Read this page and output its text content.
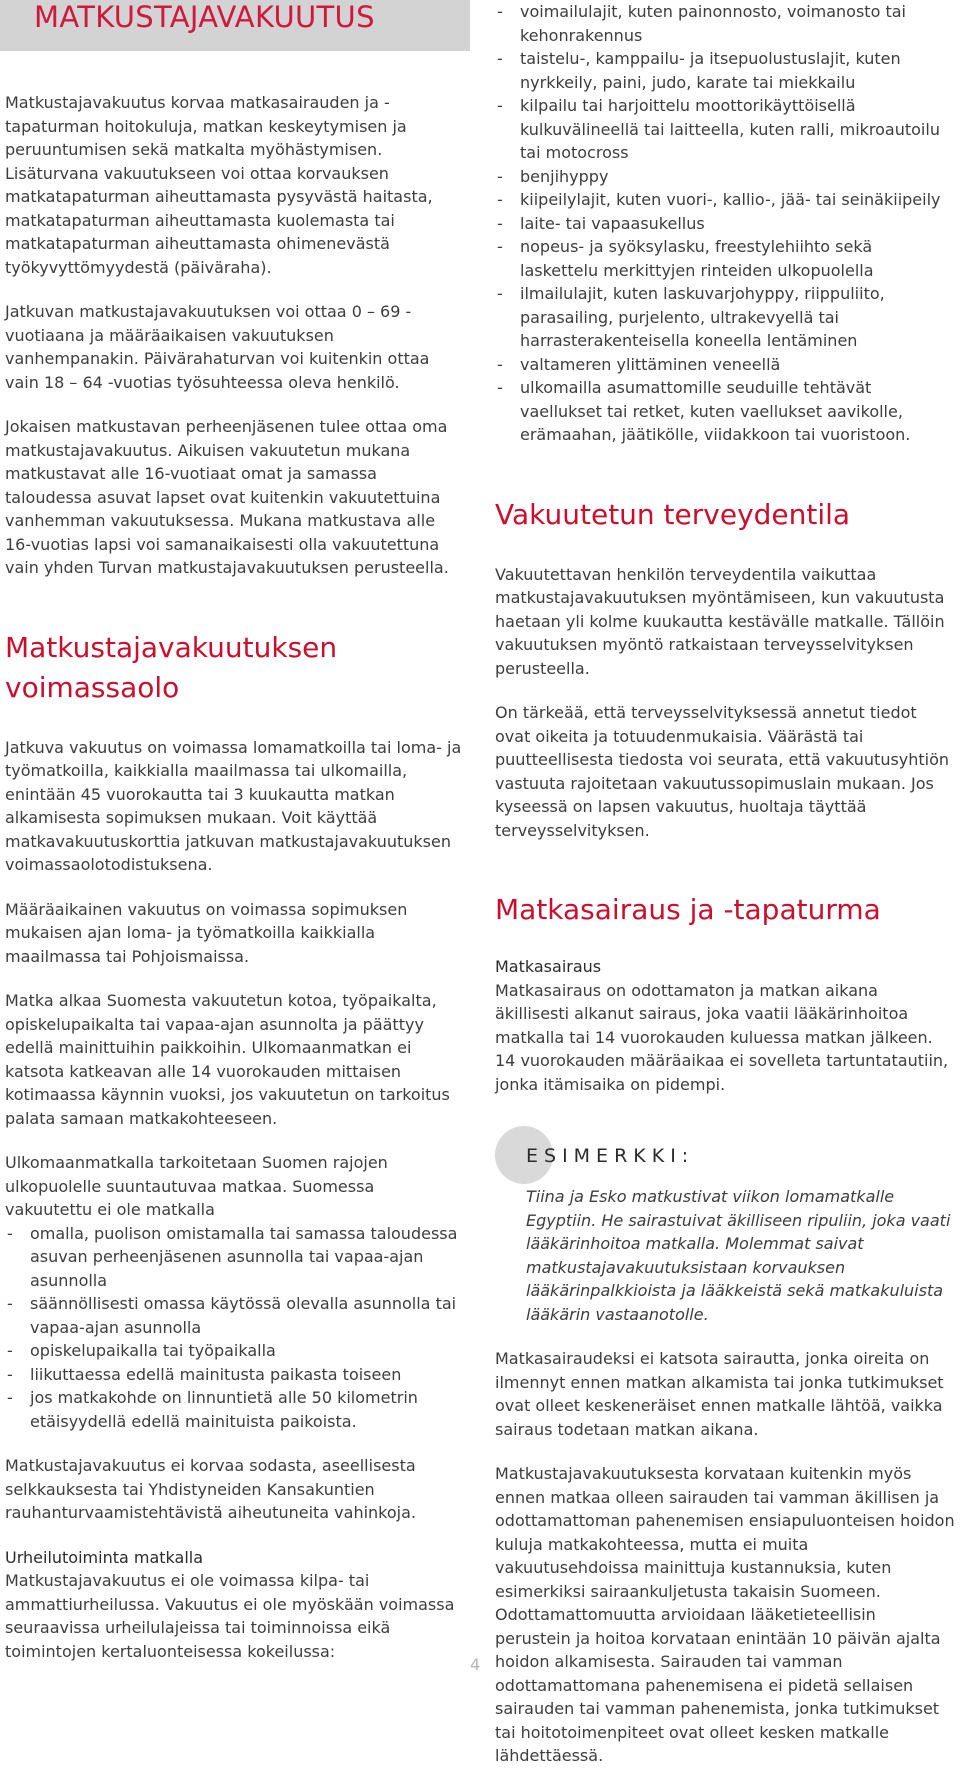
MATKUSTAJAVAKUUTUS

Matkustajavakuutus korvaa matkasairauden ja -tapaturman hoitokuluja, matkan keskeytymisen ja peruuntumisen sekä matkalta myöhästymisen. Lisäturvana vakuutukseen voi ottaa korvauksen matkatapaturman aiheuttamasta pysyvästä haitasta, matkatapaturman aiheuttamasta kuolemasta tai matkatapaturman aiheuttamasta ohimenevästä työkyvyttömyydestä (päiväraha).

Jatkuvan matkustajavakuutuksen voi ottaa 0 – 69 -vuotiaana ja määräaikaisen vakuutuksen vanhempanakin. Päivärahaturvan voi kuitenkin ottaa vain 18 – 64 -vuotias työsuhteessa oleva henkilö.

Jokaisen matkustavan perheenjäsenen tulee ottaa oma matkustajavakuutus. Aikuisen vakuutetun mukana matkustavat alle 16-vuotiaat omat ja samassa taloudessa asuvat lapset ovat kuitenkin vakuutettuina vanhemman vakuutuksessa. Mukana matkustava alle 16-vuotias lapsi voi samanaikaisesti olla vakuutettuna vain yhden Turvan matkustajavakuutuksen perusteella.

Matkustajavakuutuksen
voimassaolo

Jatkuva vakuutus on voimassa lomamatkoilla tai loma- ja työmatkoilla, kaikkialla maailmassa tai ulkomailla, enintään 45 vuorokautta tai 3 kuukautta matkan alkamisesta sopimuksen mukaan. Voit käyttää matkavakuutuskorttia jatkuvan matkustajavakuutuksen voimassaolotodistuksena.

Määräaikainen vakuutus on voimassa sopimuksen mukaisen ajan loma- ja työmatkoilla kaikkialla maailmassa tai Pohjoismaissa.

Matka alkaa Suomesta vakuutetun kotoa, työpaikalta, opiskelupaikalta tai vapaa-ajan asunnolta ja päättyy edellä mainittuihin paikkoihin. Ulkomaanmatkan ei katsota katkeavan alle 14 vuorokauden mittaisen kotimaassa käynnin vuoksi, jos vakuutetun on tarkoitus palata samaan matkakohteeseen.

Ulkomaanmatkalla tarkoitetaan Suomen rajojen ulkopuolelle suuntautuvaa matkaa. Suomessa vakuutettu ei ole matkalla

- omalla, puolison omistamalla tai samassa taloudessa asuvan perheenjäsenen asunnolla tai vapaa-ajan asunnolla
- säännöllisesti omassa käytössä olevalla asunnolla tai vapaa-ajan asunnolla
- opiskelupaikalla tai työpaikalla
- liikuttaessa edellä mainitusta paikasta toiseen
- jos matkakohde on linnuntietä alle 50 kilometrin etäisyydellä edellä mainituista paikoista.

Matkustajavakuutus ei korvaa sodasta, aseellisesta selkkauksesta tai Yhdistyneiden Kansakuntien rauhanturvaamistehtävistä aiheutuneita vahinkoja.

Urheilutoiminta matkalla

Matkustajavakuutus ei ole voimassa kilpa- tai ammattiurheilussa. Vakuutus ei ole myöskään voimassa seuraavissa urheilulajeissa tai toiminnoissa eikä toimintojen kertaluonteisessa kokeilussa:

- voimailulajit, kuten painonnosto, voimanosto tai kehonrakennus
- taistelu-, kamppailu- ja itsepuolustuslajit, kuten nyrkkeily, paini, judo, karate tai miekkailu
- kilpailu tai harjoittelu moottorikäyttöisellä kulkuvälineellä tai laitteella, kuten ralli, mikroautoilu tai motocross
- benjihyppy
- kiipeilylajit, kuten vuori-, kallio-, jää- tai seinäkiipeily
- laite- tai vapaasukellus
- nopeus- ja syöksylasku, freestylehiihto sekä laskettelu merkittyjen rinteiden ulkopuolella
- ilmailulajit, kuten laskuvarjohyppy, riippuliito, parasailing, purjelento, ultrakevyellä tai harrasterakenteisella koneella lentäminen
- valtameren ylittäminen veneellä
- ulkomailla asumattomille seuduille tehtävät vaellukset tai retket, kuten vaellukset aavikolle, erämaahan, jäätikölle, viidakkoon tai vuoristoon.
Vakuutetun terveydentila

Vakuutettavan henkilön terveydentila vaikuttaa matkustajavakuutuksen myöntämiseen, kun vakuutusta haetaan yli kolme kuukautta kestävälle matkalle. Tällöin vakuutuksen myöntö ratkaistaan terveysselvityksen perusteella.

On tärkeää, että terveysselvityksessä annetut tiedot ovat oikeita ja totuudenmukaisia. Väärästä tai puutteellisesta tiedosta voi seurata, että vakuutusyhtiön vastuuta rajoitetaan vakuutussopimuslain mukaan. Jos kyseessä on lapsen vakuutus, huoltaja täyttää terveysselvityksen.

Matkasairaus ja -tapaturma

Matkasairaus

Matkasairaus on odottamaton ja matkan aikana äkillisesti alkanut sairaus, joka vaatii lääkärinhoitoa matkalla tai 14 vuorokauden kuluessa matkan jälkeen. 14 vuorokauden määräaikaa ei sovelleta tartuntatautiin, jonka itämisaika on pidempi.

ESIMERKKI:

Tiina ja Esko matkustivat viikon lomamatkalle Egyptiin. He sairastuivat äkilliseen ripuliin, joka vaati lääkärinhoitoa matkalla. Molemmat saivat matkustajavakuutuksistaan korvauksen lääkärinpalkkioista ja lääkkeistä sekä matkakuluista lääkärin vastaanotolle.

Matkasairaudeksi ei katsota sairautta, jonka oireita on ilmennyt ennen matkan alkamista tai jonka tutkimukset ovat olleet keskeneräiset ennen matkalle lähtöä, vaikka sairaus todetaan matkan aikana.

Matkustajavakuutuksesta korvataan kuitenkin myös ennen matkaa olleen sairauden tai vamman äkillisen ja odottamattoman pahenemisen ensiapuluonteisen hoidon kuluja matkakohteessa, mutta ei muita vakuutusehdoissa mainittuja kustannuksia, kuten esimerkiksi sairaankuljetusta takaisin Suomeen. Odottamattomuutta arvioidaan lääketieteellisin perustein ja hoitoa korvataan enintään 10 päivän ajalta hoidon alkamisesta. Sairauden tai vamman odottamattomana pahenemisena ei pidetä sellaisen sairauden tai vamman pahenemista, jonka tutkimukset tai hoitotoimenpiteet ovat olleet kesken matkalle lähdettäessä.

4
